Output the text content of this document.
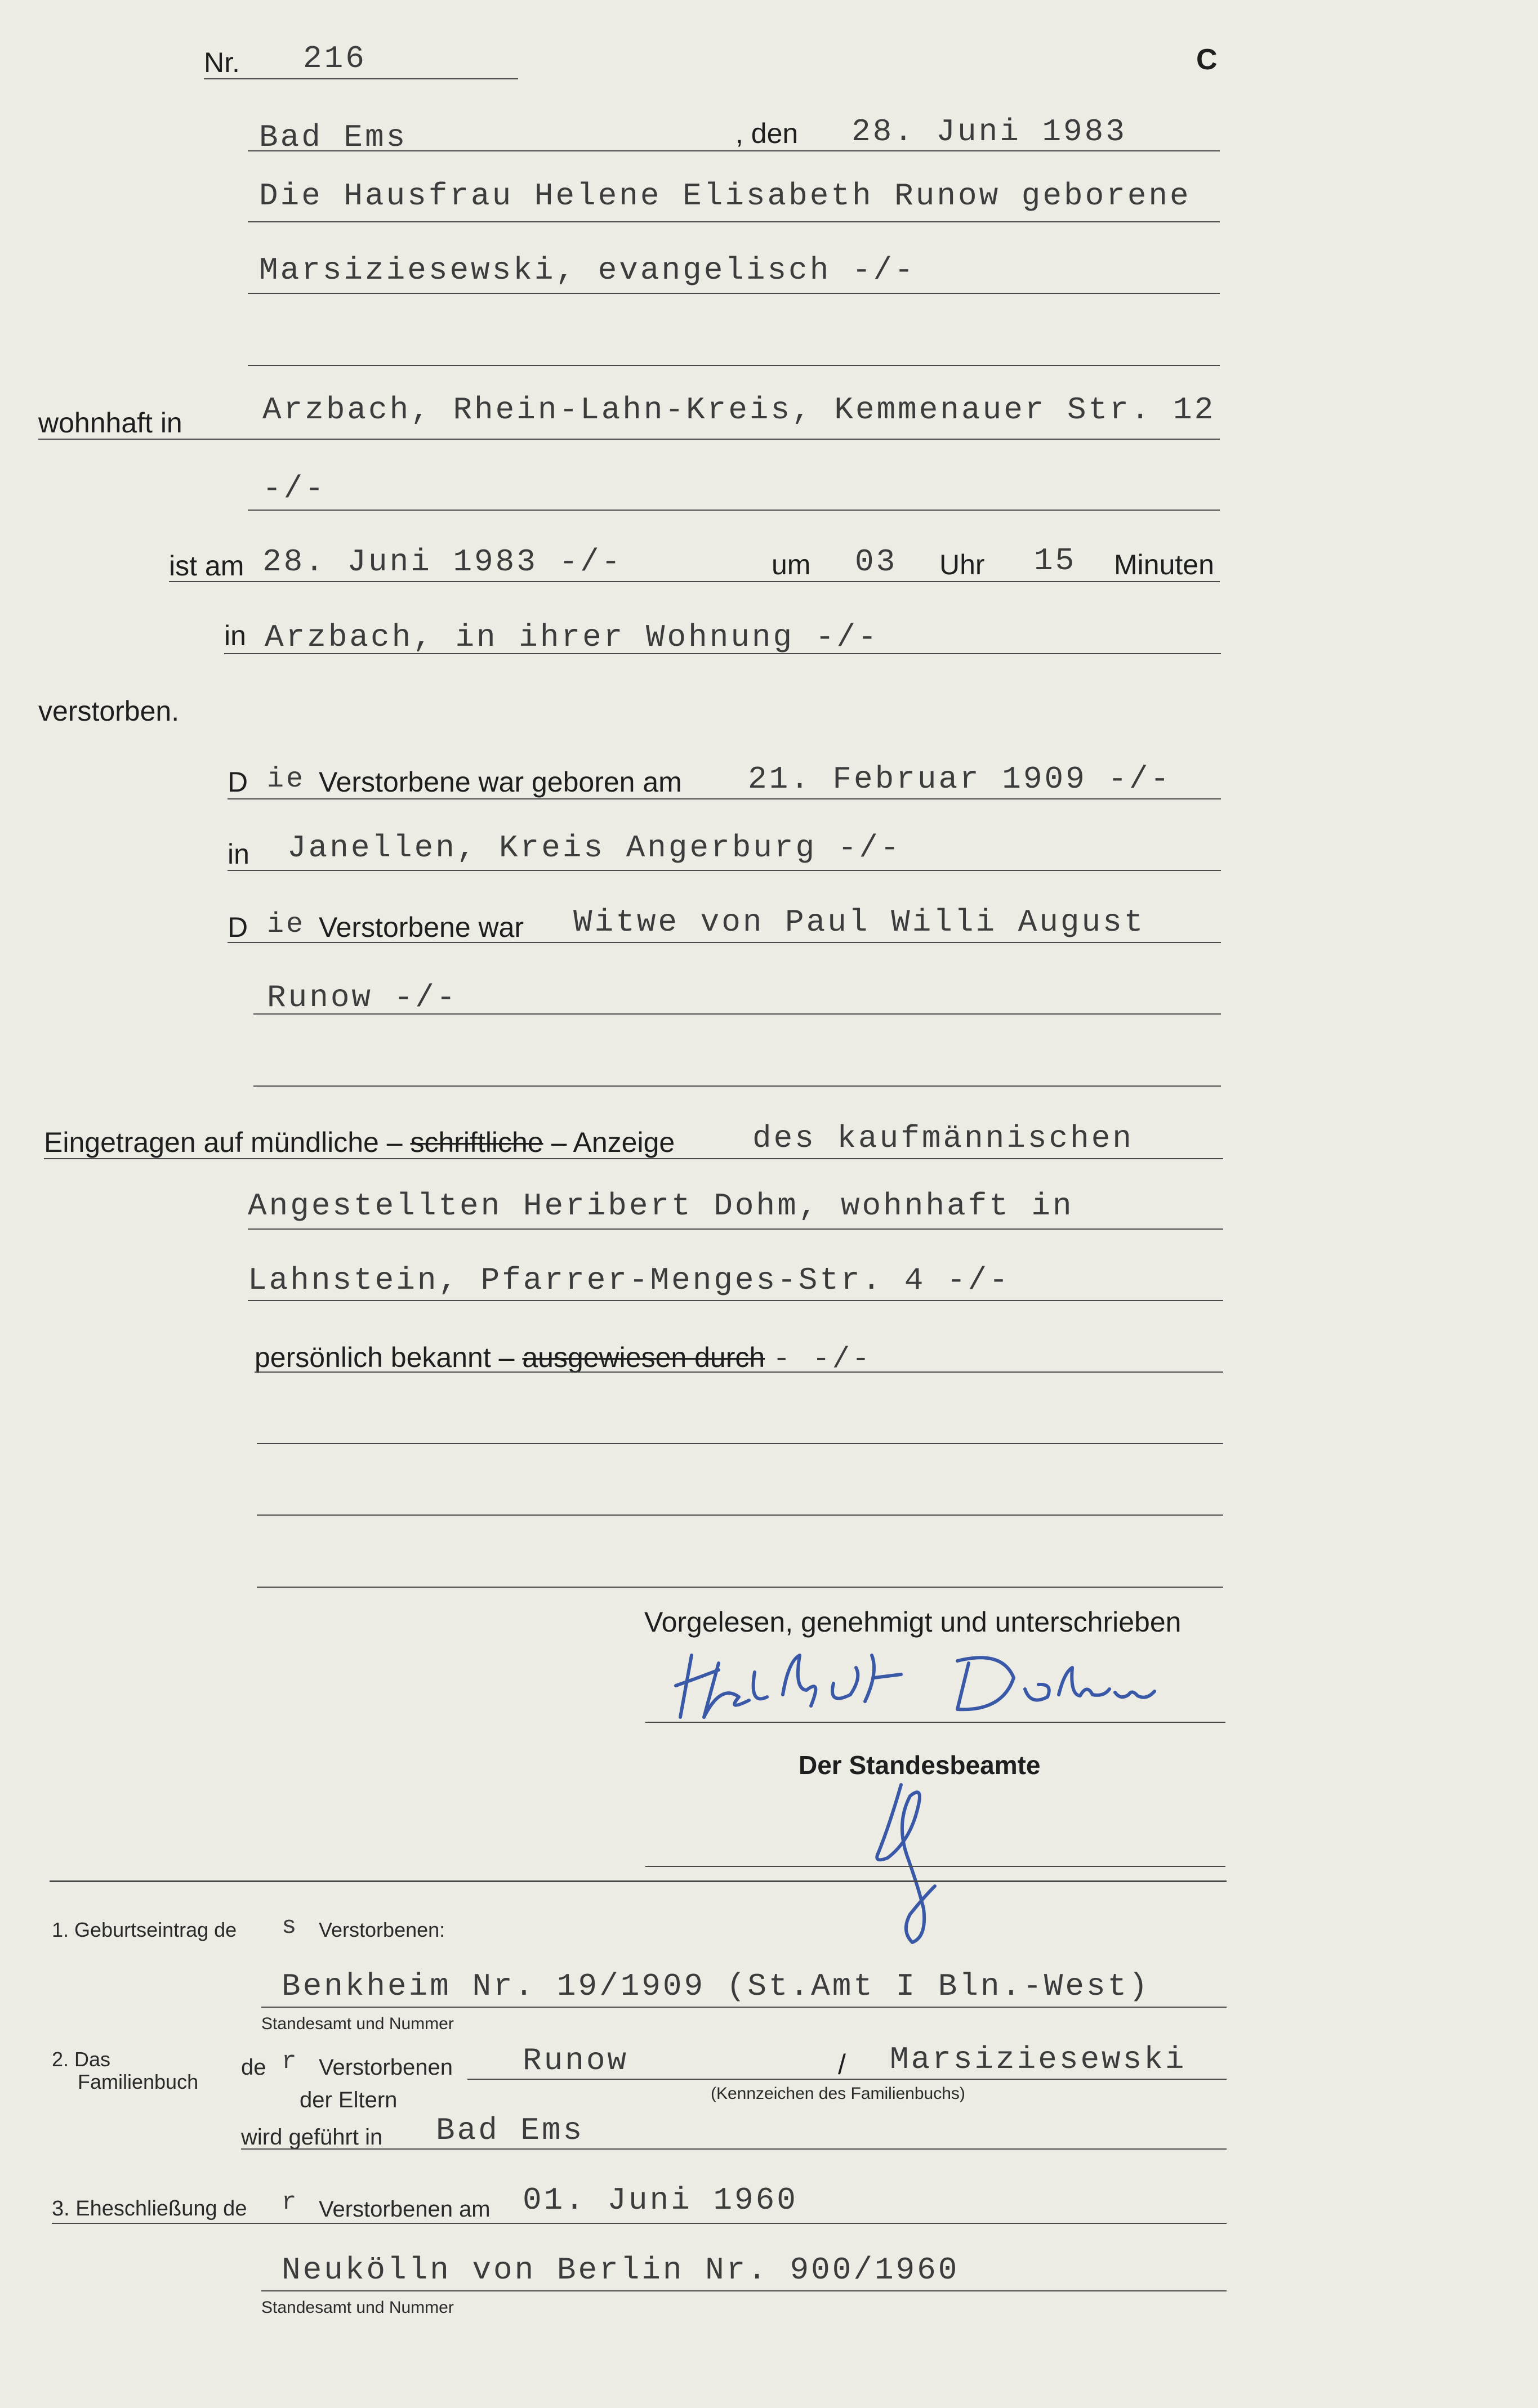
Nr. 216	C
Bad Ems	, den 28. Juni 1983
Die Hausfrau Helene Elisabeth Runow geborene
Marsiziesewski, evangelisch -/-
wohnhaft in	Arzbach, Rhein-Lahn-Kreis, Kemmenauer Str. 12
-/-
ist am 28. Juni 1983 -/-	um 03 Uhr 15 Minuten
in Arzbach, in ihrer Wohnung -/-
verstorben.
D ie Verstorbene war geboren am 21. Februar 1909 -/-
in Janellen, Kreis Angerburg -/-
D ie Verstorbene war Witwe von Paul Willi August
Runow -/-
Eingetragen auf mündliche – schriftliche – Anzeige des kaufmännischen
Angestellten Heribert Dohm, wohnhaft in
Lahnstein, Pfarrer-Menges-Str. 4 -/-
persönlich bekannt – ausgewiesen durch - -/-
Vorgelesen, genehmigt und unterschrieben
Der Standesbeamte
1. Geburtseintrag de s Verstorbenen:
Benkheim Nr. 19/1909 (St.Amt I Bln.-West)
Standesamt und Nummer
2. Das
Familienbuch
de r Verstorbenen
der Eltern
Runow	/ Marsiziesewski
(Kennzeichen des Familienbuchs)
wird geführt in Bad Ems
3. Eheschließung de r Verstorbenen am 01. Juni 1960
Neukölln von Berlin Nr. 900/1960
Standesamt und Nummer
